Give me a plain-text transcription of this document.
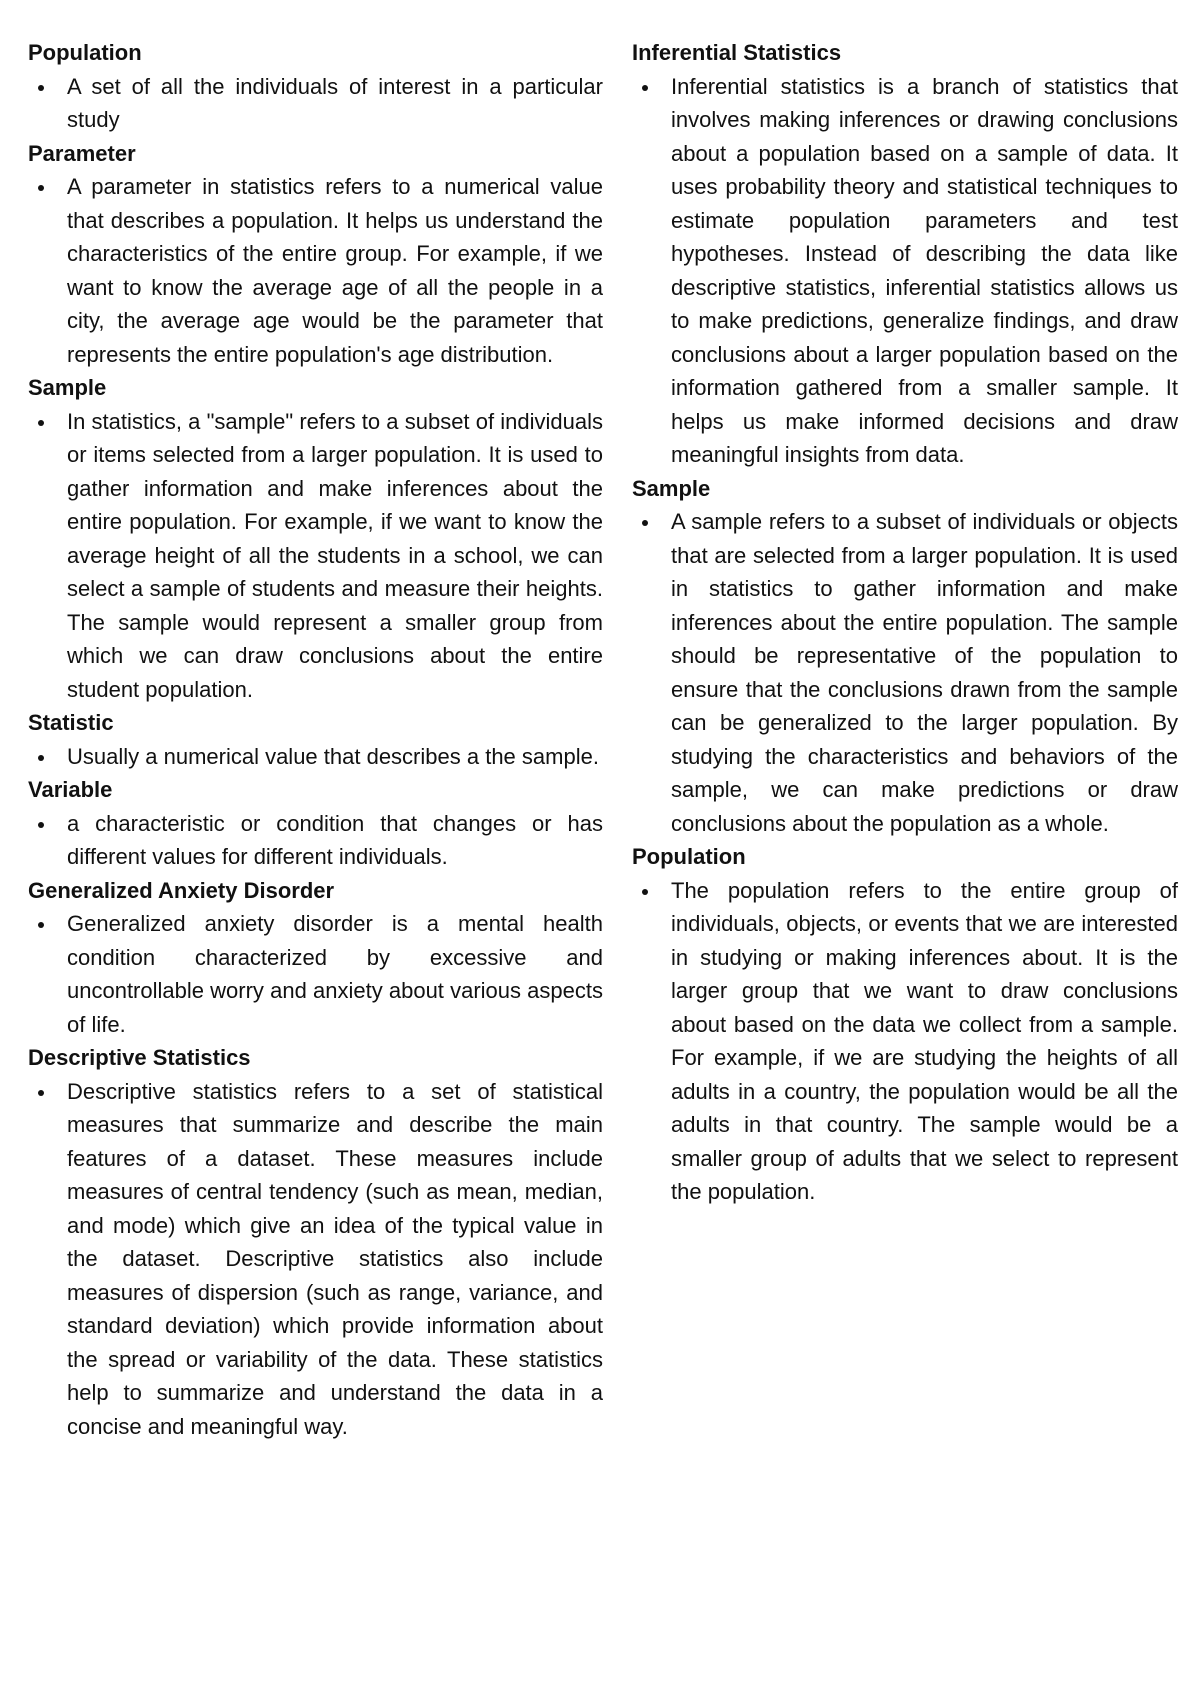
Population

A set of all the individuals of interest in a particular study

Parameter

A parameter in statistics refers to a numerical value that describes a population. It helps us understand the characteristics of the entire group. For example, if we want to know the average age of all the people in a city, the average age would be the parameter that represents the entire population's age distribution.

Sample

In statistics, a "sample" refers to a subset of individuals or items selected from a larger population. It is used to gather information and make inferences about the entire population. For example, if we want to know the average height of all the students in a school, we can select a sample of students and measure their heights. The sample would represent a smaller group from which we can draw conclusions about the entire student population.

Statistic

Usually a numerical value that describes a the sample.

Variable

a characteristic or condition that changes or has different values for different individuals.

Generalized Anxiety Disorder

Generalized anxiety disorder is a mental health condition characterized by excessive and uncontrollable worry and anxiety about various aspects of life.

Descriptive Statistics

Descriptive statistics refers to a set of statistical measures that summarize and describe the main features of a dataset. These measures include measures of central tendency (such as mean, median, and mode) which give an idea of the typical value in the dataset. Descriptive statistics also include measures of dispersion (such as range, variance, and standard deviation) which provide information about the spread or variability of the data. These statistics help to summarize and understand the data in a concise and meaningful way.

Inferential Statistics

Inferential statistics is a branch of statistics that involves making inferences or drawing conclusions about a population based on a sample of data. It uses probability theory and statistical techniques to estimate population parameters and test hypotheses. Instead of describing the data like descriptive statistics, inferential statistics allows us to make predictions, generalize findings, and draw conclusions about a larger population based on the information gathered from a smaller sample. It helps us make informed decisions and draw meaningful insights from data.

Sample

A sample refers to a subset of individuals or objects that are selected from a larger population. It is used in statistics to gather information and make inferences about the entire population. The sample should be representative of the population to ensure that the conclusions drawn from the sample can be generalized to the larger population. By studying the characteristics and behaviors of the sample, we can make predictions or draw conclusions about the population as a whole.

Population

The population refers to the entire group of individuals, objects, or events that we are interested in studying or making inferences about. It is the larger group that we want to draw conclusions about based on the data we collect from a sample. For example, if we are studying the heights of all adults in a country, the population would be all the adults in that country. The sample would be a smaller group of adults that we select to represent the population.
